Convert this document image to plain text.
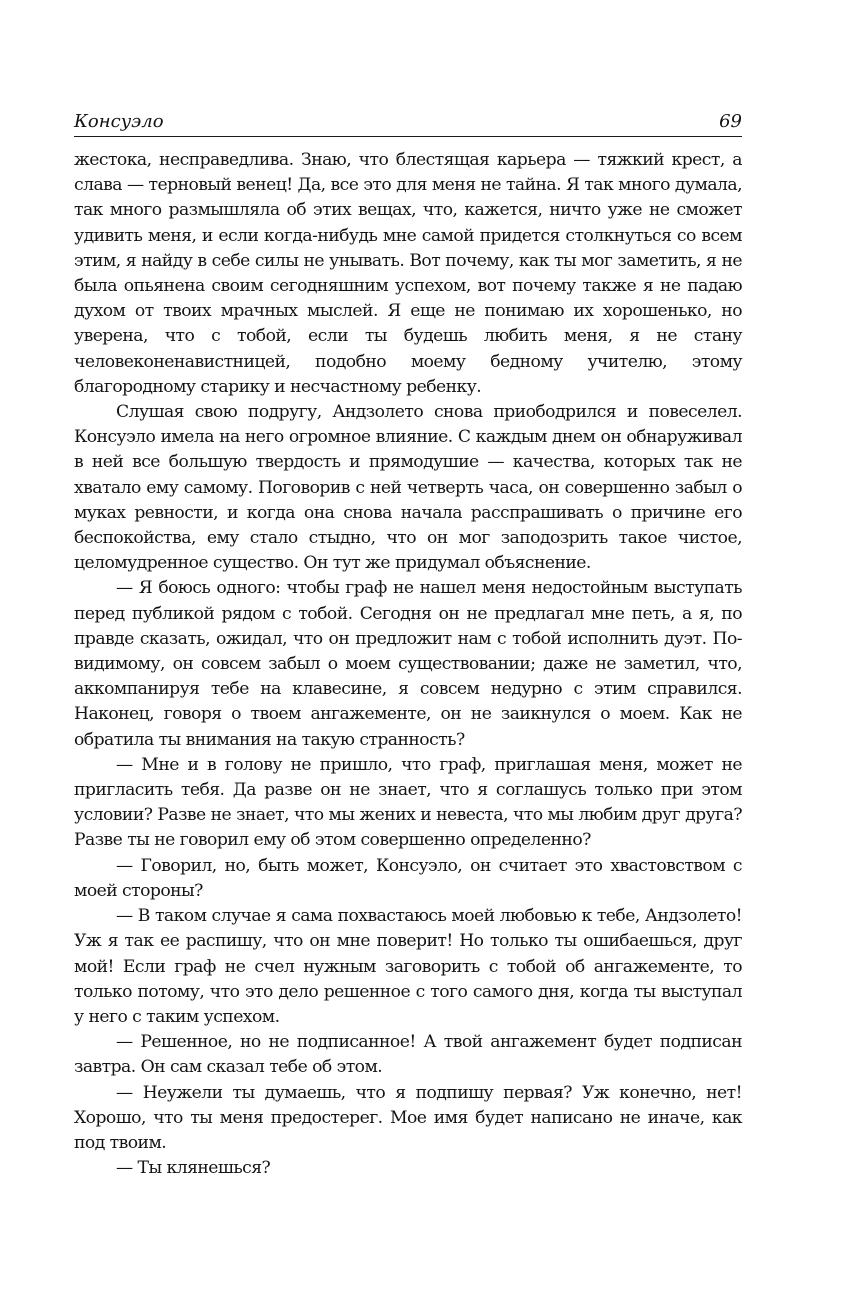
Консуэло	69

жестока, несправедлива. Знаю, что блестящая карьера — тяжкий крест, а слава — терновый венец! Да, все это для меня не тайна. Я так много думала, так много размышляла об этих вещах, что, кажется, ничто уже не сможет удивить меня, и если когда-нибудь мне самой придется столкнуться со всем этим, я найду в себе силы не унывать. Вот почему, как ты мог заметить, я не была опьянена своим сегодняшним успехом, вот почему также я не падаю духом от твоих мрачных мыслей. Я еще не понимаю их хорошенько, но уверена, что с тобой, если ты будешь любить меня, я не стану человеконенавистницей, подобно моему бедному учителю, этому благородному старику и несчастному ребенку.

Слушая свою подругу, Андзолето снова приободрился и повеселел. Консуэло имела на него огромное влияние. С каждым днем он обнаруживал в ней все большую твердость и прямодушие — качества, которых так не хватало ему самому. Поговорив с ней четверть часа, он совершенно забыл о муках ревности, и когда она снова начала расспрашивать о причине его беспокойства, ему стало стыдно, что он мог заподозрить такое чистое, целомудренное существо. Он тут же придумал объяснение.

— Я боюсь одного: чтобы граф не нашел меня недостойным выступать перед публикой рядом с тобой. Сегодня он не предлагал мне петь, а я, по правде сказать, ожидал, что он предложит нам с тобой исполнить дуэт. По-видимому, он совсем забыл о моем существовании; даже не заметил, что, аккомпанируя тебе на клавесине, я совсем недурно с этим справился. Наконец, говоря о твоем ангажементе, он не заикнулся о моем. Как не обратила ты внимания на такую странность?

— Мне и в голову не пришло, что граф, приглашая меня, может не пригласить тебя. Да разве он не знает, что я соглашусь только при этом условии? Разве не знает, что мы жених и невеста, что мы любим друг друга? Разве ты не говорил ему об этом совершенно определенно?

— Говорил, но, быть может, Консуэло, он считает это хвастовством с моей стороны?

— В таком случае я сама похвастаюсь моей любовью к тебе, Андзолето! Уж я так ее распишу, что он мне поверит! Но только ты ошибаешься, друг мой! Если граф не счел нужным заговорить с тобой об ангажементе, то только потому, что это дело решенное с того самого дня, когда ты выступал у него с таким успехом.

— Решенное, но не подписанное! А твой ангажемент будет подписан завтра. Он сам сказал тебе об этом.

— Неужели ты думаешь, что я подпишу первая? Уж конечно, нет! Хорошо, что ты меня предостерег. Мое имя будет написано не иначе, как под твоим.

— Ты клянешься?
